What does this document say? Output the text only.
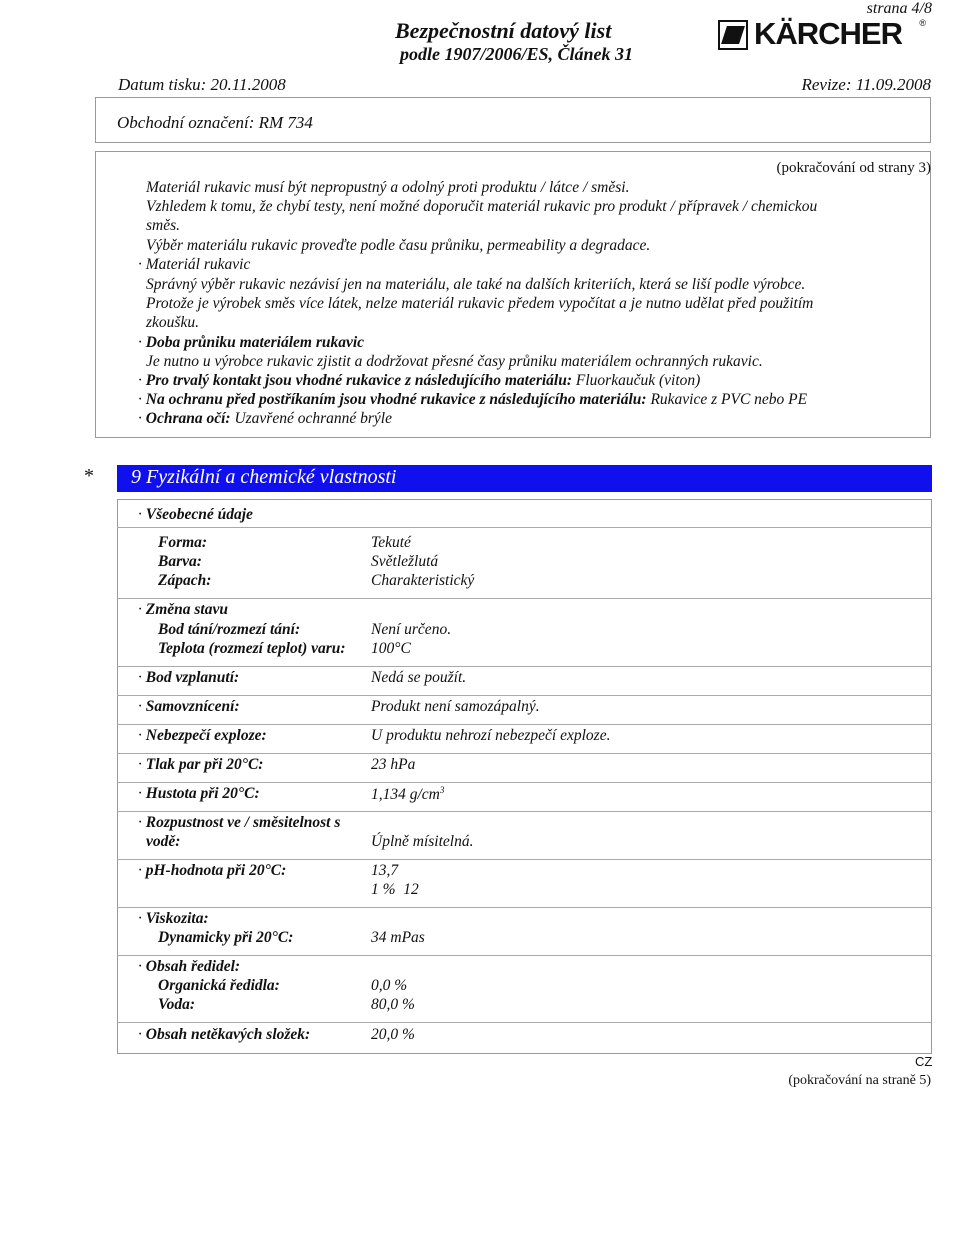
strana 4/8
Bezpečnostní datový list
podle 1907/2006/ES, Článek 31
KÄRCHER ®
Datum tisku: 20.11.2008	Revize: 11.09.2008
Obchodní označení: RM 734
(pokračování od strany 3)
Materiál rukavic musí být nepropustný a odolný proti produktu / látce / směsi.
Vzhledem k tomu, že chybí testy, není možné doporučit materiál rukavic pro produkt / přípravek / chemickou
směs.
Výběr materiálu rukavic proveďte podle času průniku, permeability a degradace.
· Materiál rukavic
Správný výběr rukavic nezávisí jen na materiálu, ale také na dalších kriteriích, která se liší podle výrobce.
Protože je výrobek směs více látek, nelze materiál rukavic předem vypočítat a je nutno udělat před použitím
zkoušku.
· Doba průniku materiálem rukavic
Je nutno u výrobce rukavic zjistit a dodržovat přesné časy průniku materiálem ochranných rukavic.
· Pro trvalý kontakt jsou vhodné rukavice z následujícího materiálu: Fluorkaučuk (viton)
· Na ochranu před postříkaním jsou vhodné rukavice z následujícího materiálu: Rukavice z PVC nebo PE
· Ochrana očí: Uzavřené ochranné brýle
* 9 Fyzikální a chemické vlastnosti
· Všeobecné údaje
Forma:	Tekuté
Barva:	Světležlutá
Zápach:	Charakteristický
· Změna stavu
Bod tání/rozmezí tání:	Není určeno.
Teplota (rozmezí teplot) varu: 100°C
· Bod vzplanutí:	Nedá se použít.
· Samovznícení:	Produkt není samozápalný.
· Nebezpečí exploze:	U produktu nehrozí nebezpečí exploze.
· Tlak par při 20°C:	23 hPa
· Hustota při 20°C:	1,134 $g/cm^3$
· Rozpustnost ve / směsitelnost s
vodě:	Úplně mísitelná.
· pH-hodnota při 20°C:	13,7
1 %  12
· Viskozita:
Dynamicky při 20°C:	34 mPas
· Obsah ředidel:
Organická ředidla:	0,0 %
Voda:	80,0 %
· Obsah netěkavých složek:	20,0 %
CZ
(pokračování na straně 5)
